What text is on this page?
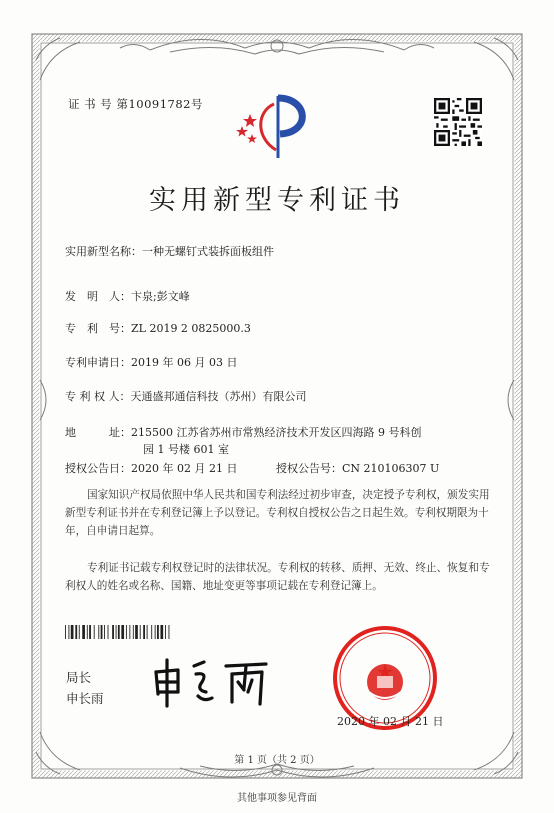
证 书 号 第10091782号
实用新型专利证书
实用新型名称：一种无螺钉式装拆面板组件
发　明　人：卞泉;彭文峰
专　利　号：ZL 2019 2 0825000.3
专利申请日：2019 年 06 月 03 日
专 利 权 人：天通盛邦通信科技（苏州）有限公司
地　　　址：215500 江苏省苏州市常熟经济技术开发区四海路 9 号科创
园 1 号楼 601 室
授权公告日：2020 年 02 月 21 日	授权公告号：CN 210106307 U
国家知识产权局依照中华人民共和国专利法经过初步审查，决定授予专利权，颁发实用新型专利证书并在专利登记簿上予以登记。专利权自授权公告之日起生效。专利权期限为十年，自申请日起算。
专利证书记载专利权登记时的法律状况。专利权的转移、质押、无效、终止、恢复和专利权人的姓名或名称、国籍、地址变更等事项记载在专利登记簿上。
局长
申长雨
2020 年 02 月 21 日
第 1 页（共 2 页）
其他事项参见背面
